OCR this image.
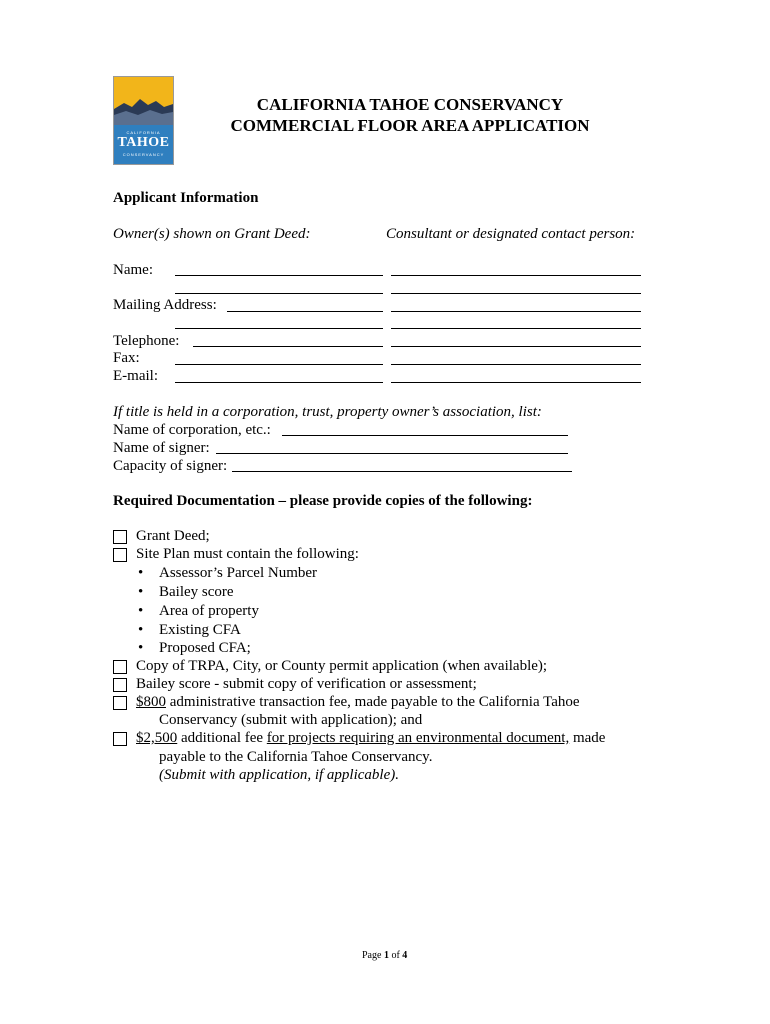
CALIFORNIA
TAHOE
CONSERVANCY
CALIFORNIA TAHOE CONSERVANCY
COMMERCIAL FLOOR AREA APPLICATION
Applicant Information
Owner(s) shown on Grant Deed:	Consultant or designated contact person:
Name:
Mailing Address:
Telephone:
Fax:
E-mail:
If title is held in a corporation, trust, property owner’s association, list:
Name of corporation, etc.:
Name of signer:
Capacity of signer:
Required Documentation – please provide copies of the following:
Grant Deed;
Site Plan must contain the following:
• Assessor’s Parcel Number
• Bailey score
• Area of property
• Existing CFA
• Proposed CFA;
Copy of TRPA, City, or County permit application (when available);
Bailey score - submit copy of verification or assessment;
$800 administrative transaction fee, made payable to the California Tahoe
Conservancy (submit with application); and
$2,500 additional fee for projects requiring an environmental document, made
payable to the California Tahoe Conservancy.
(Submit with application, if applicable).
Page 1 of 4
